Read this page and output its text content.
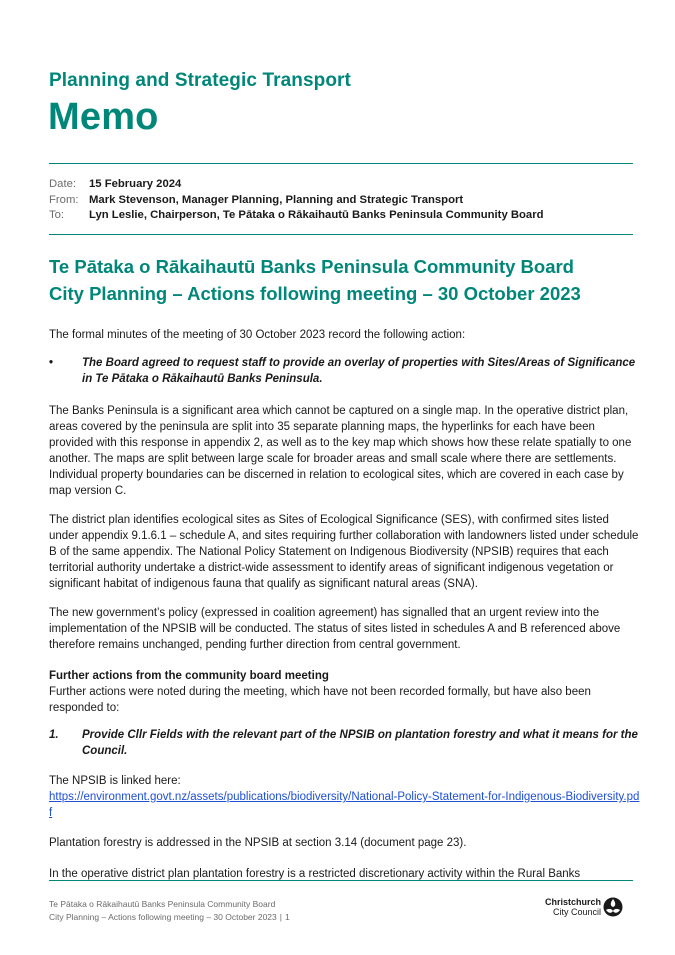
Planning and Strategic Transport
Memo
Date: 15 February 2024
From: Mark Stevenson, Manager Planning, Planning and Strategic Transport
To: Lyn Leslie, Chairperson, Te Pātaka o Rākaihautū Banks Peninsula Community Board
Te Pātaka o Rākaihautū Banks Peninsula Community Board
City Planning – Actions following meeting – 30 October 2023
The formal minutes of the meeting of 30 October 2023 record the following action:
•	The Board agreed to request staff to provide an overlay of properties with Sites/Areas of Significance in Te Pātaka o Rākaihautū Banks Peninsula.
The Banks Peninsula is a significant area which cannot be captured on a single map. In the operative district plan, areas covered by the peninsula are split into 35 separate planning maps, the hyperlinks for each have been provided with this response in appendix 2, as well as to the key map which shows how these relate spatially to one another. The maps are split between large scale for broader areas and small scale where there are settlements. Individual property boundaries can be discerned in relation to ecological sites, which are covered in each case by map version C.
The district plan identifies ecological sites as Sites of Ecological Significance (SES), with confirmed sites listed under appendix 9.1.6.1 – schedule A, and sites requiring further collaboration with landowners listed under schedule B of the same appendix. The National Policy Statement on Indigenous Biodiversity (NPSIB) requires that each territorial authority undertake a district-wide assessment to identify areas of significant indigenous vegetation or significant habitat of indigenous fauna that qualify as significant natural areas (SNA).
The new government’s policy (expressed in coalition agreement) has signalled that an urgent review into the implementation of the NPSIB will be conducted. The status of sites listed in schedules A and B referenced above therefore remains unchanged, pending further direction from central government.
Further actions from the community board meeting
Further actions were noted during the meeting, which have not been recorded formally, but have also been responded to:
1. Provide Cllr Fields with the relevant part of the NPSIB on plantation forestry and what it means for the Council.
The NPSIB is linked here:
https://environment.govt.nz/assets/publications/biodiversity/National-Policy-Statement-for-Indigenous-Biodiversity.pdf
Plantation forestry is addressed in the NPSIB at section 3.14 (document page 23).
In the operative district plan plantation forestry is a restricted discretionary activity within the Rural Banks
Te Pātaka o Rākaihautū Banks Peninsula Community Board
City Planning – Actions following meeting – 30 October 2023 | 1
Christchurch
City Council
